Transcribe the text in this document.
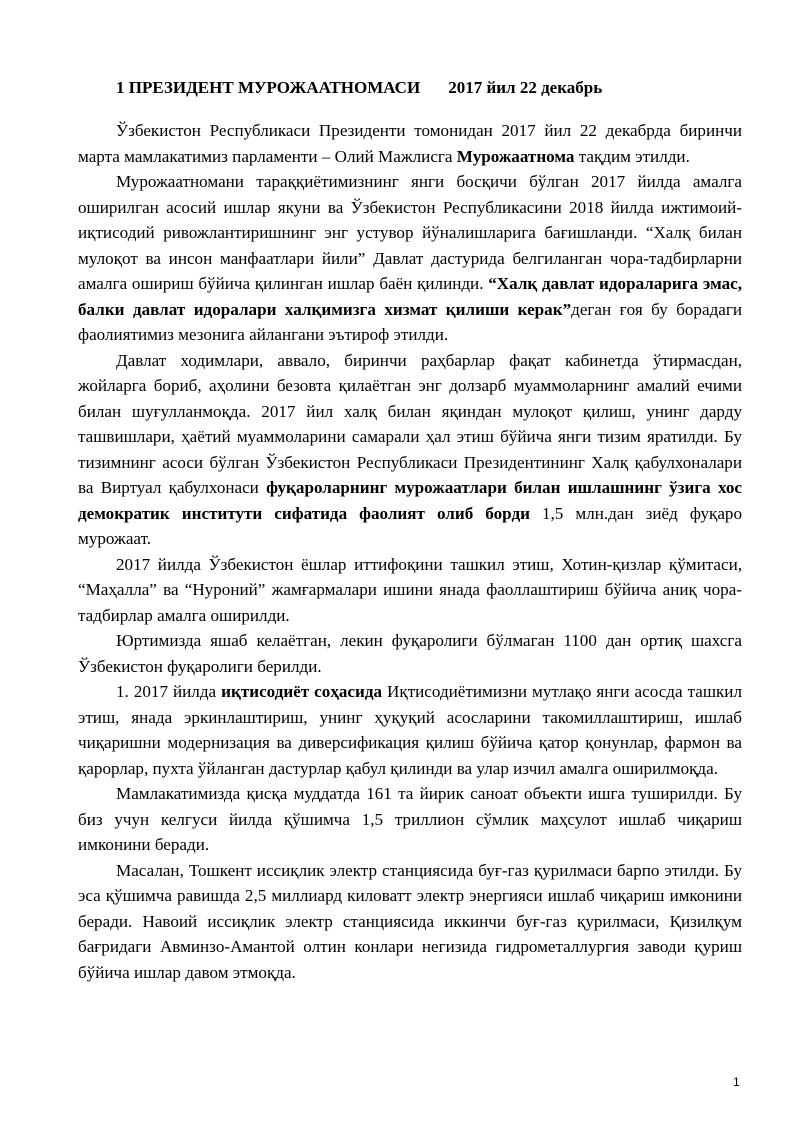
1 ПРЕЗИДЕНТ МУРОЖААТНОМАСИ 2017 йил 22 декабрь

Ўзбекистон Республикаси Президенти томонидан 2017 йил 22 декабрда биринчи марта мамлакатимиз парламенти – Олий Мажлисга Мурожаатнома тақдим этилди.

Мурожаатномани тараққиётимизнинг янги босқичи бўлган 2017 йилда амалга оширилган асосий ишлар якуни ва Ўзбекистон Республикасини 2018 йилда ижтимоий-иқтисодий ривожлантиришнинг энг устувор йўналишларига бағишланди. “Халқ билан мулоқот ва инсон манфаатлари йили” Давлат дастурида белгиланган чора-тадбирларни амалга ошириш бўйича қилинган ишлар баён қилинди. “Халқ давлат идораларига эмас, балки давлат идоралари халқимизга хизмат қилиши керак”деган ғоя бу борадаги фаолиятимиз мезонига айлангани эътироф этилди.

Давлат ходимлари, аввало, биринчи раҳбарлар фақат кабинетда ўтирмасдан, жойларга бориб, аҳолини безовта қилаётган энг долзарб муаммоларнинг амалий ечими билан шуғулланмоқда. 2017 йил халқ билан яқиндан мулоқот қилиш, унинг дарду ташвишлари, ҳаётий муаммоларини самарали ҳал этиш бўйича янги тизим яратилди. Бу тизимнинг асоси бўлган Ўзбекистон Республикаси Президентининг Халқ қабулхоналари ва Виртуал қабулхонаси фуқароларнинг мурожаатлари билан ишлашнинг ўзига хос демократик институти сифатида фаолият олиб борди 1,5 млн.дан зиёд фуқаро мурожаат.

2017 йилда Ўзбекистон ёшлар иттифоқини ташкил этиш, Хотин-қизлар қўмитаси, “Маҳалла” ва “Нуроний” жамғармалари ишини янада фаоллаштириш бўйича аниқ чора-тадбирлар амалга оширилди.

Юртимизда яшаб келаётган, лекин фуқаролиги бўлмаган 1100 дан ортиқ шахсга Ўзбекистон фуқаролиги берилди.

1. 2017 йилда иқтисодиёт соҳасида Иқтисодиётимизни мутлақо янги асосда ташкил этиш, янада эркинлаштириш, унинг ҳуқуқий асосларини такомиллаштириш, ишлаб чиқаришни модернизация ва диверсификация қилиш бўйича қатор қонунлар, фармон ва қарорлар, пухта ўйланган дастурлар қабул қилинди ва улар изчил амалга оширилмоқда.

Мамлакатимизда қисқа муддатда 161 та йирик саноат объекти ишга туширилди. Бу биз учун келгуси йилда қўшимча 1,5 триллион сўмлик маҳсулот ишлаб чиқариш имконини беради.

Масалан, Тошкент иссиқлик электр станциясида буғ-газ қурилмаси барпо этилди. Бу эса қўшимча равишда 2,5 миллиард киловатт электр энергияси ишлаб чиқариш имконини беради. Навоий иссиқлик электр станциясида иккинчи буғ-газ қурилмаси, Қизилқум бағридаги Авминзо-Амантой олтин конлари негизида гидрометаллургия заводи қуриш бўйича ишлар давом этмоқда.

1
